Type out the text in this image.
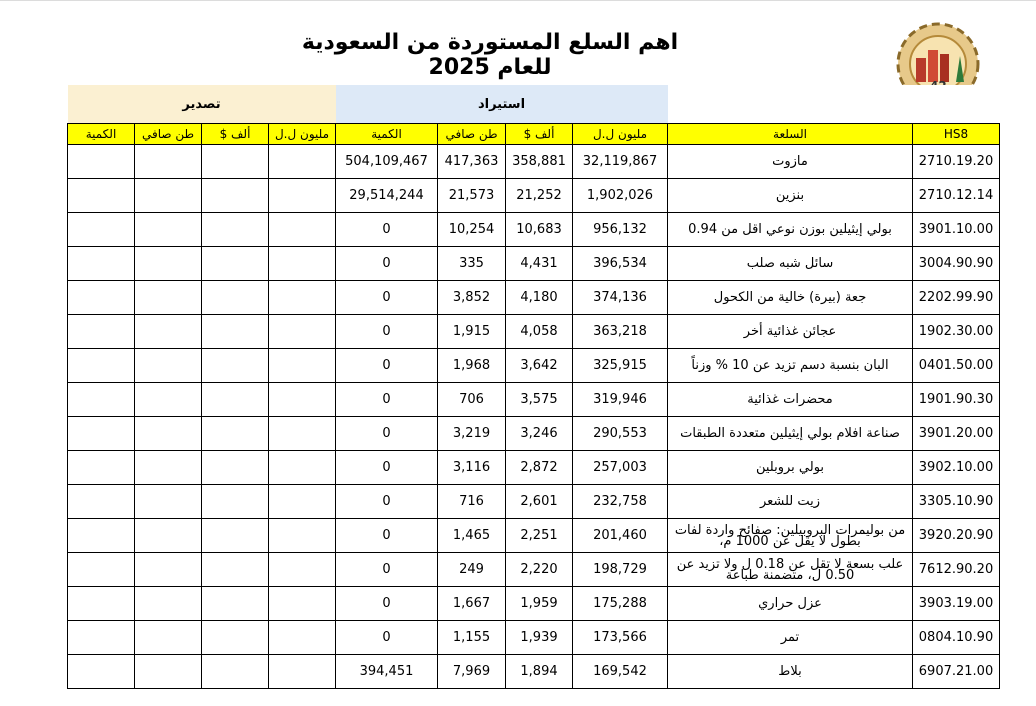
اهم السلع المستوردة من السعودية للعام 2025
تصدير				استيراد					
الكمية	طن صافي	ألف $	مليون ل.ل	الكمية	طن صافي	ألف $	مليون ل.ل	السلعة	HS8
				504,109,467	417,363	358,881	32,119,867	مازوت	2710.19.20
				29,514,244	21,573	21,252	1,902,026	بنزين	2710.12.14
				0	10,254	10,683	956,132	بولي إيثيلين بوزن نوعي اقل من 0.94	3901.10.00
				0	335	4,431	396,534	سائل شبه صلب	3004.90.90
				0	3,852	4,180	374,136	جعة (بيرة) خالية من الكحول	2202.99.90
				0	1,915	4,058	363,218	عجائن غذائية أخر	1902.30.00
				0	1,968	3,642	325,915	البان بنسبة دسم تزيد عن 10 % وزناً	0401.50.00
				0	706	3,575	319,946	محضرات غذائية	1901.90.30
				0	3,219	3,246	290,553	صناعة افلام بولي إيثيلين متعددة الطبقات	3901.20.00
				0	3,116	2,872	257,003	بولي بروبلين	3902.10.00
				0	716	2,601	232,758	زيت للشعر	3305.10.90
				0	1,465	2,251	201,460	من بوليمرات البروبيلين: صفائح واردة لفات بطول لا يقل عن 1000 م،	3920.20.90
				0	249	2,220	198,729	علب بسعة لا تقل عن 0.18 ل ولا تزيد عن 0.50 ل، متضمنة طباعة	7612.90.20
				0	1,667	1,959	175,288	عزل حراري	3903.19.00
				0	1,155	1,939	173,566	تمر	0804.10.90
				394,451	7,969	1,894	169,542	بلاط	6907.21.00
